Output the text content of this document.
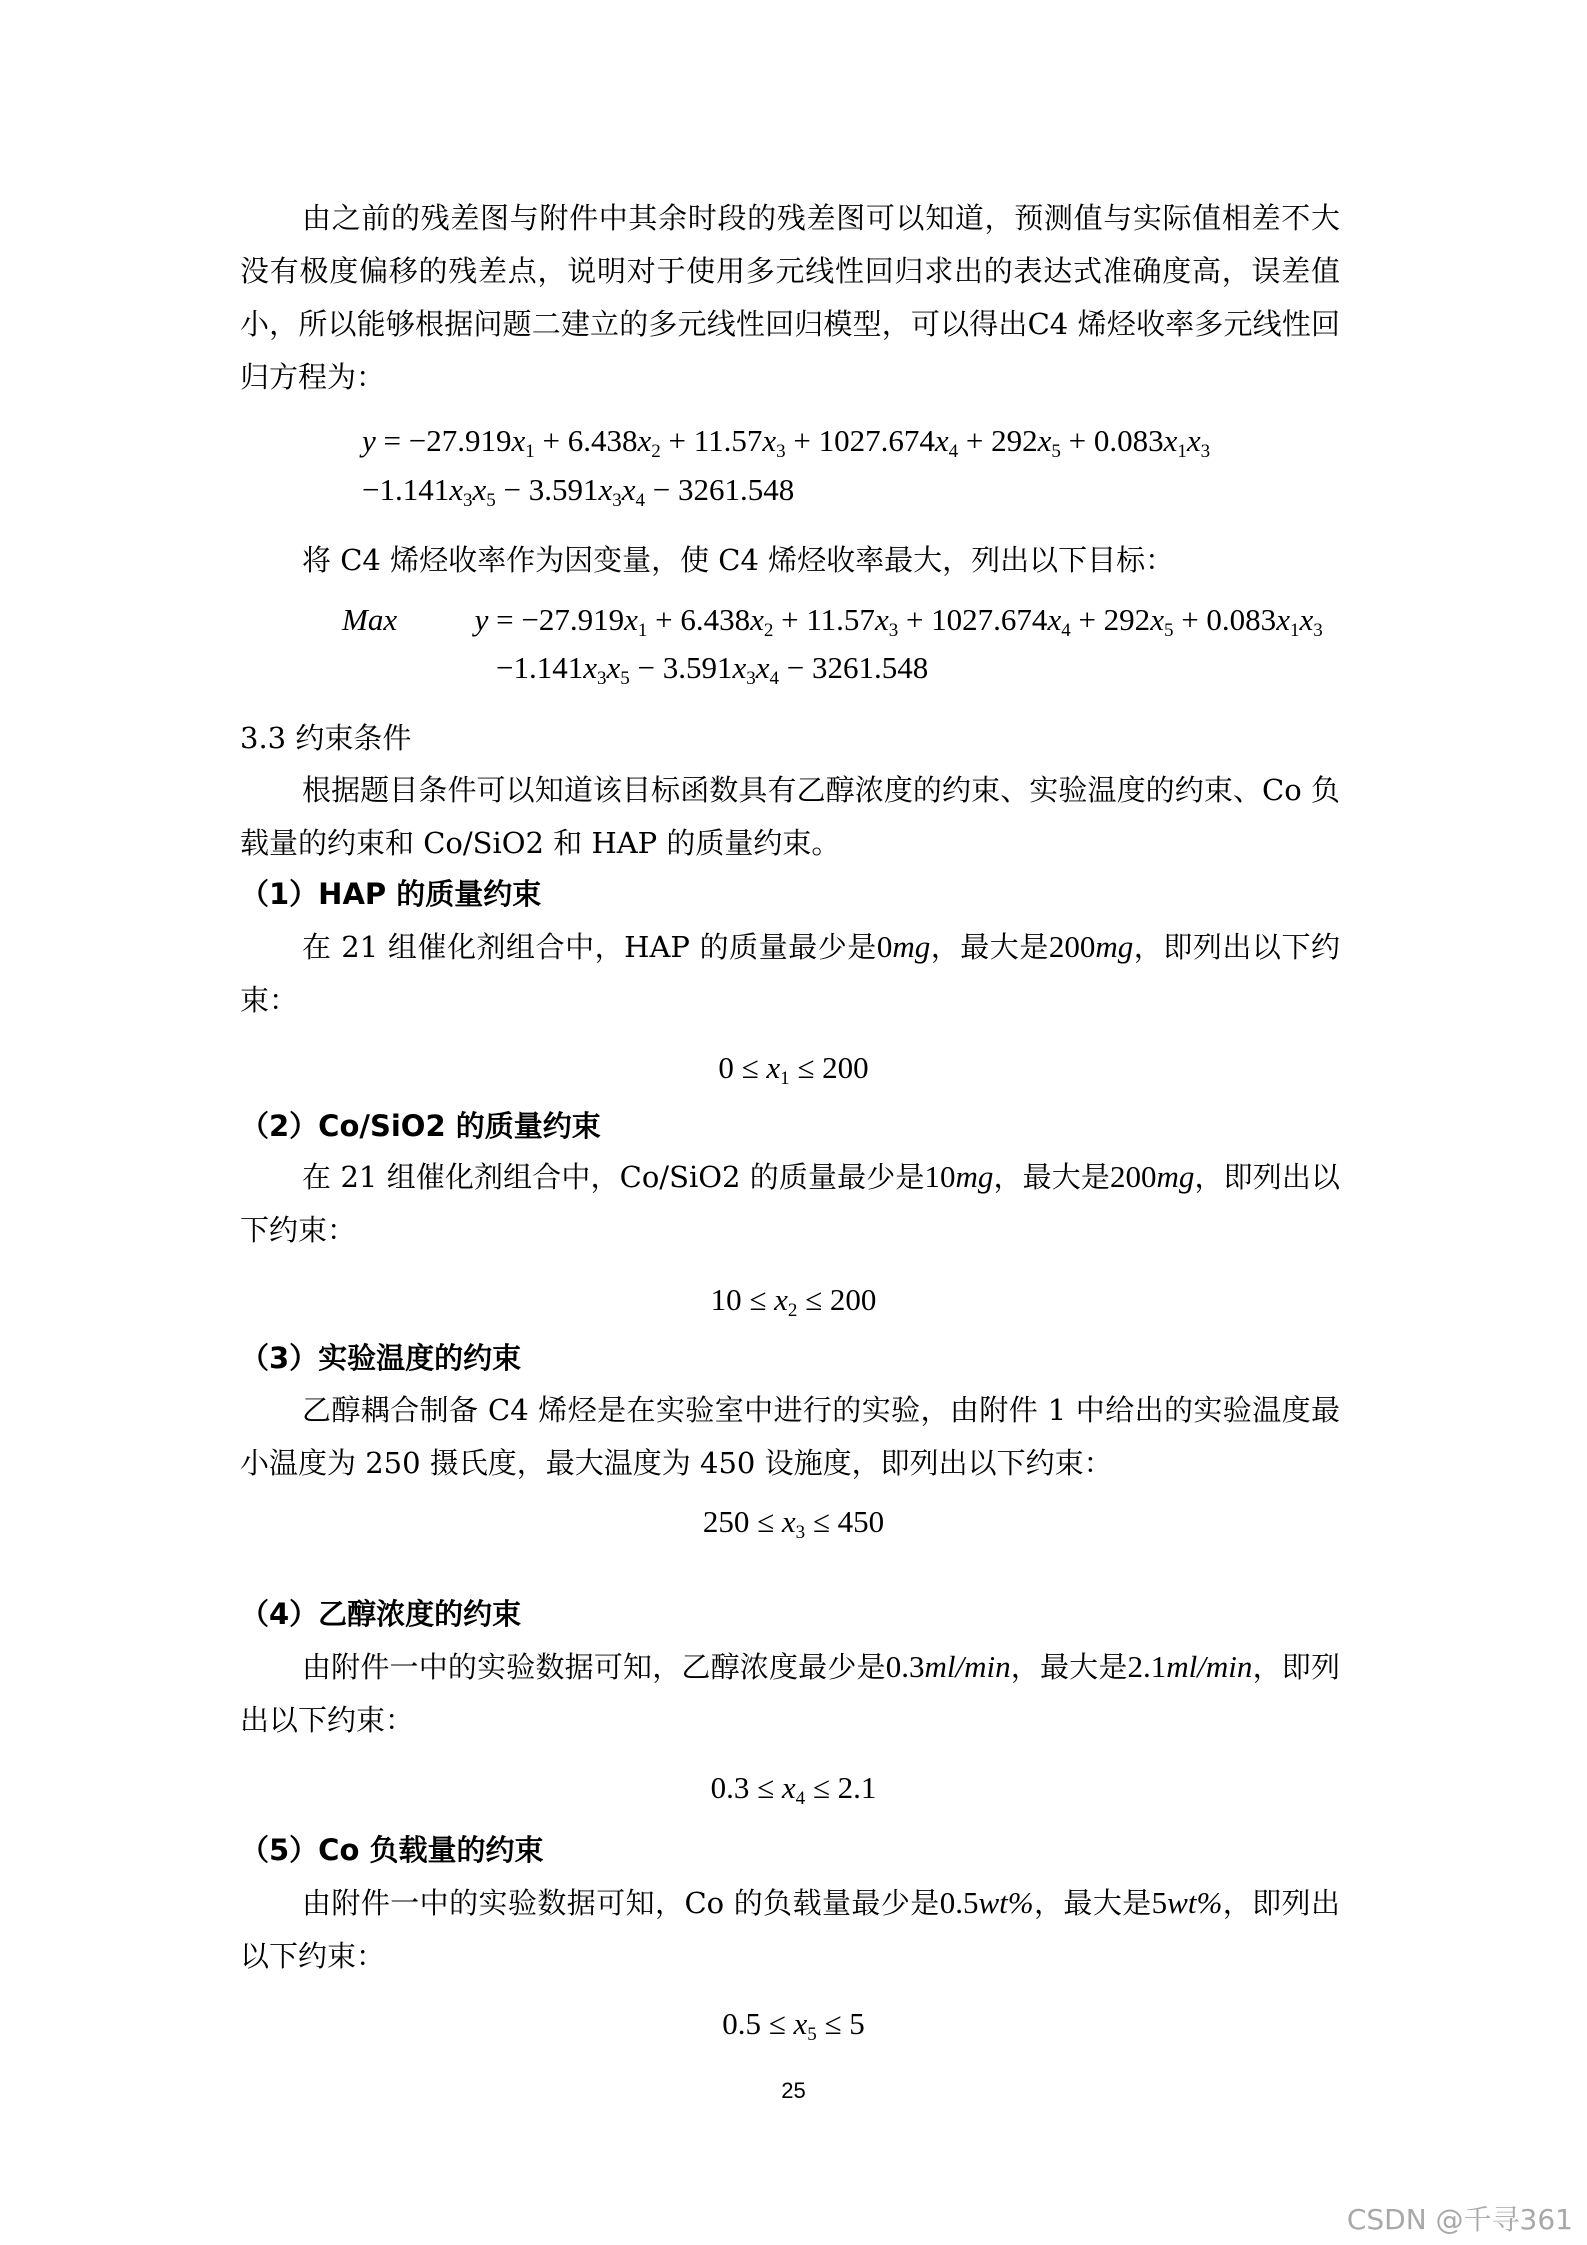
由之前的残差图与附件中其余时段的残差图可以知道，预测值与实际值相差不大没有极度偏移的残差点，说明对于使用多元线性回归求出的表达式准确度高，误差值小，所以能够根据问题二建立的多元线性回归模型，可以得出C4 烯烃收率多元线性回归方程为：

$y = -27.919x_1 + 6.438x_2 + 11.57x_3 + 1027.674x_4 + 292x_5 + 0.083x_1x_3$
$-1.141x_3x_5 - 3.591x_3x_4 - 3261.548$

将 C4 烯烃收率作为因变量，使 C4 烯烃收率最大，列出以下目标：

Max	$y = -27.919x_1 + 6.438x_2 + 11.57x_3 + 1027.674x_4 + 292x_5 + 0.083x_1x_3$
$-1.141x_3x_5 - 3.591x_3x_4 - 3261.548$
3.3 约束条件

根据题目条件可以知道该目标函数具有乙醇浓度的约束、实验温度的约束、Co 负载量的约束和 Co/SiO2 和 HAP 的质量约束。

（1）HAP 的质量约束

在 21 组催化剂组合中，HAP 的质量最少是0mg，最大是200mg，即列出以下约束：

$0 \le x_1 \le 200$
（2）Co/SiO2 的质量约束

在 21 组催化剂组合中，Co/SiO2 的质量最少是10mg，最大是200mg，即列出以下约束：

$10 \le x_2 \le 200$
（3）实验温度的约束

乙醇耦合制备 C4 烯烃是在实验室中进行的实验，由附件 1 中给出的实验温度最小温度为 250 摄氏度，最大温度为 450 设施度，即列出以下约束：

$250 \le x_3 \le 450$
（4）乙醇浓度的约束

由附件一中的实验数据可知，乙醇浓度最少是0.3ml/min，最大是2.1ml/min，即列出以下约束：

$0.3 \le x_4 \le 2.1$
（5）Co 负载量的约束

由附件一中的实验数据可知，Co 的负载量最少是0.5wt%，最大是5wt%，即列出以下约束：

$0.5 \le x_5 \le 5$
25
CSDN @千寻361
